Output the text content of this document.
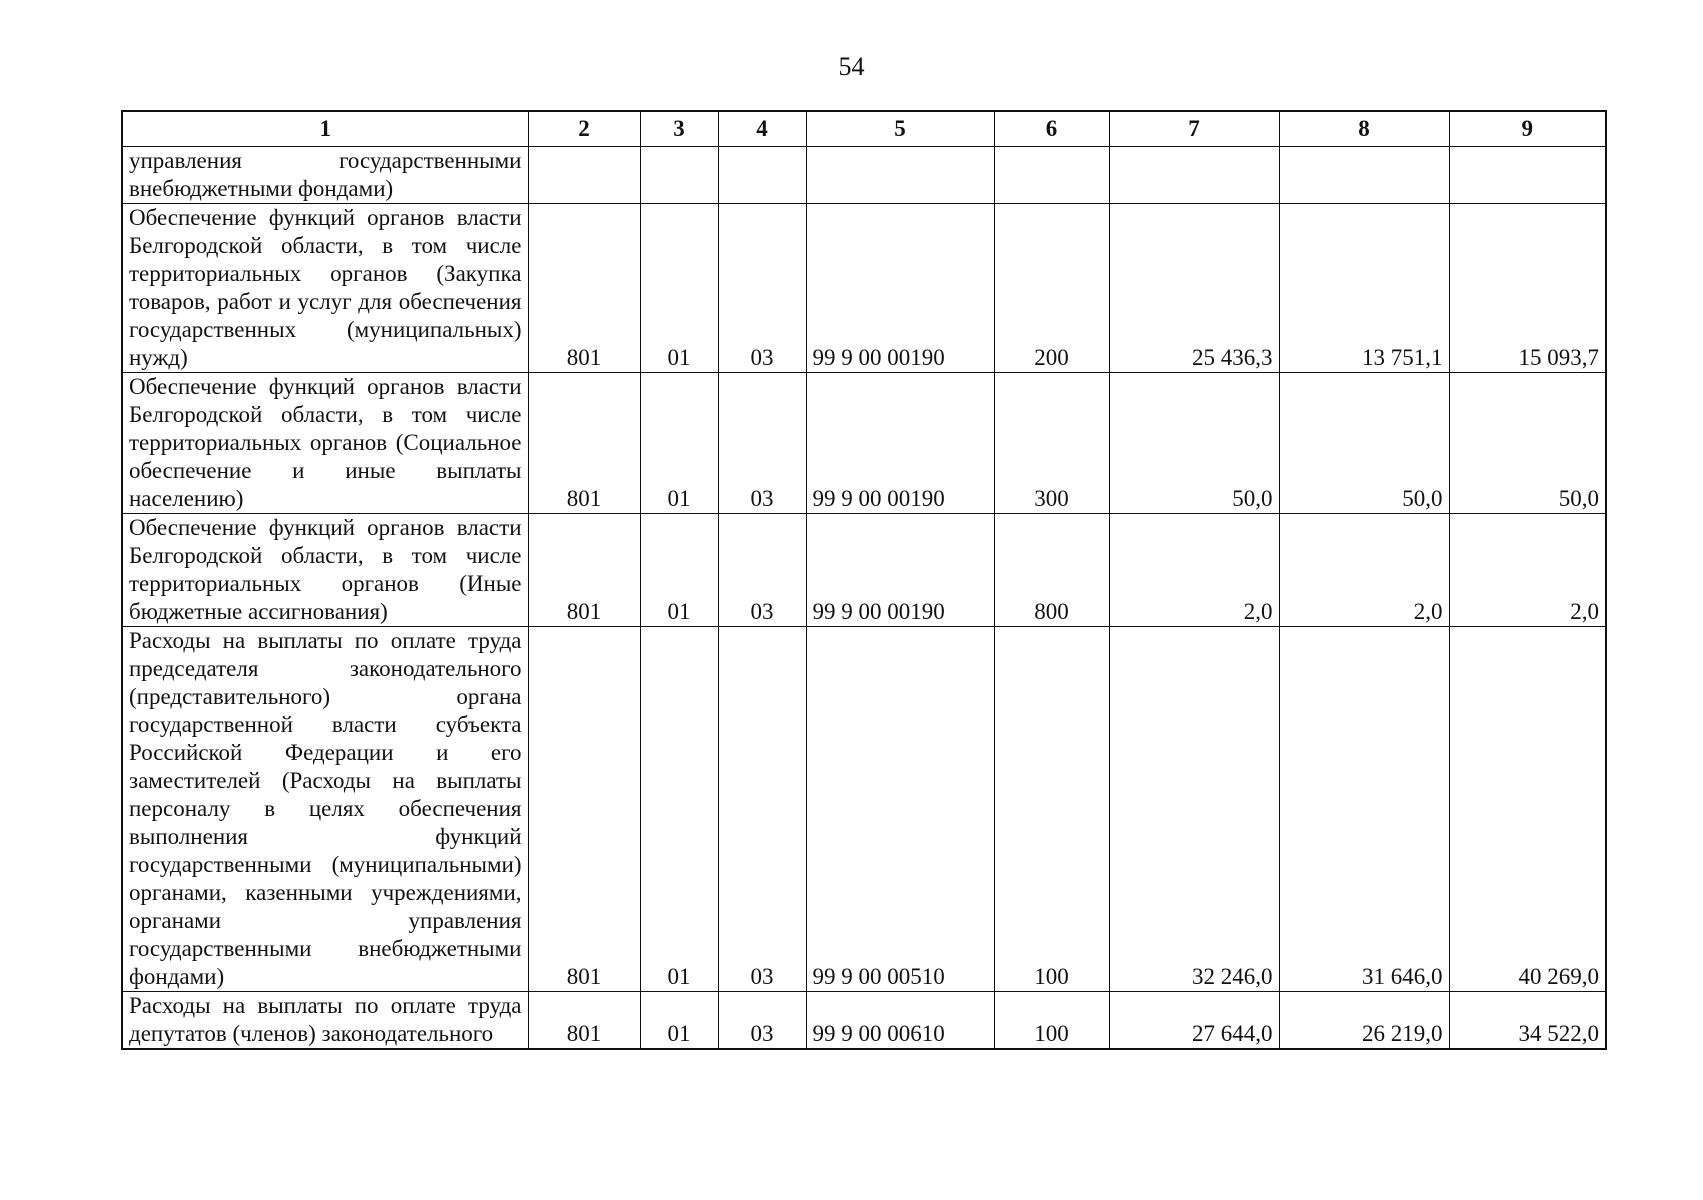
54
1	2	3	4	5	6	7	8	9
управления государственными внебюджетными фондами)								
Обеспечение функций органов власти Белгородской области, в том числе территориальных органов (Закупка товаров, работ и услуг для обеспечения государственных (муниципальных) нужд)	801	01	03	99 9 00 00190	200	25 436,3	13 751,1	15 093,7
Обеспечение функций органов власти Белгородской области, в том числе территориальных органов (Социальное обеспечение и иные выплаты населению)	801	01	03	99 9 00 00190	300	50,0	50,0	50,0
Обеспечение функций органов власти Белгородской области, в том числе территориальных органов (Иные бюджетные ассигнования)	801	01	03	99 9 00 00190	800	2,0	2,0	2,0
Расходы на выплаты по оплате труда председателя законодательного (представительного) органа государственной власти субъекта Российской Федерации и его заместителей (Расходы на выплаты персоналу в целях обеспечения выполнения функций государственными (муниципальными) органами, казенными учреждениями, органами управления государственными внебюджетными фондами)	801	01	03	99 9 00 00510	100	32 246,0	31 646,0	40 269,0
Расходы на выплаты по оплате труда депутатов (членов) законодательного	801	01	03	99 9 00 00610	100	27 644,0	26 219,0	34 522,0
